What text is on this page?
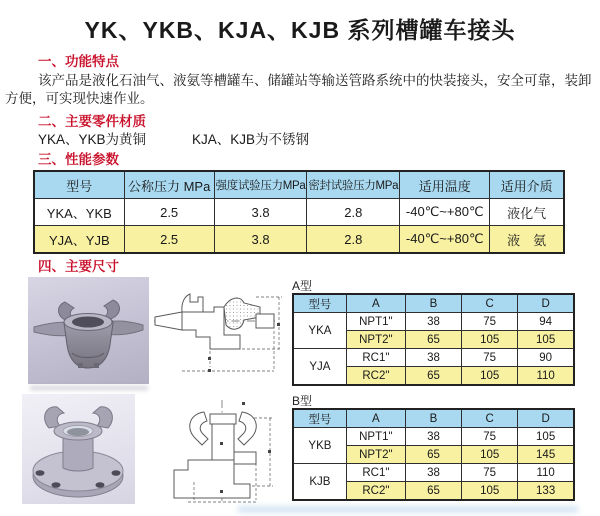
YK、YKB、KJA、KJB 系列槽罐车接头
一、功能特点

该产品是液化石油气、液氨等槽罐车、储罐站等输送管路系统中的快装接头，安全可靠，装卸方便，可实现快速作业。

二、主要零件材质
YKA、YKB为黄铜	KJA、KJB为不锈钢
三、性能参数
型号	公称压力 MPa	强度试验压力MPa	密封试验压力MPa	适用温度	适用介质
YKA、YKB	2.5	3.8	2.8	-40℃~+80℃	液化气
YJA、YJB	2.5	3.8	2.8	-40℃~+80℃	液　氨
四、主要尺寸
A型
型号	A	B	C	D
YKA	NPT1"	38	75	94
	NPT2"	65	105	105
YJA	RC1"	38	75	90
	RC2"	65	105	110
B型
型号	A	B	C	D
YKB	NPT1"	38	75	105
	NPT2"	65	105	145
KJB	RC1"	38	75	110
	RC2"	65	105	133
